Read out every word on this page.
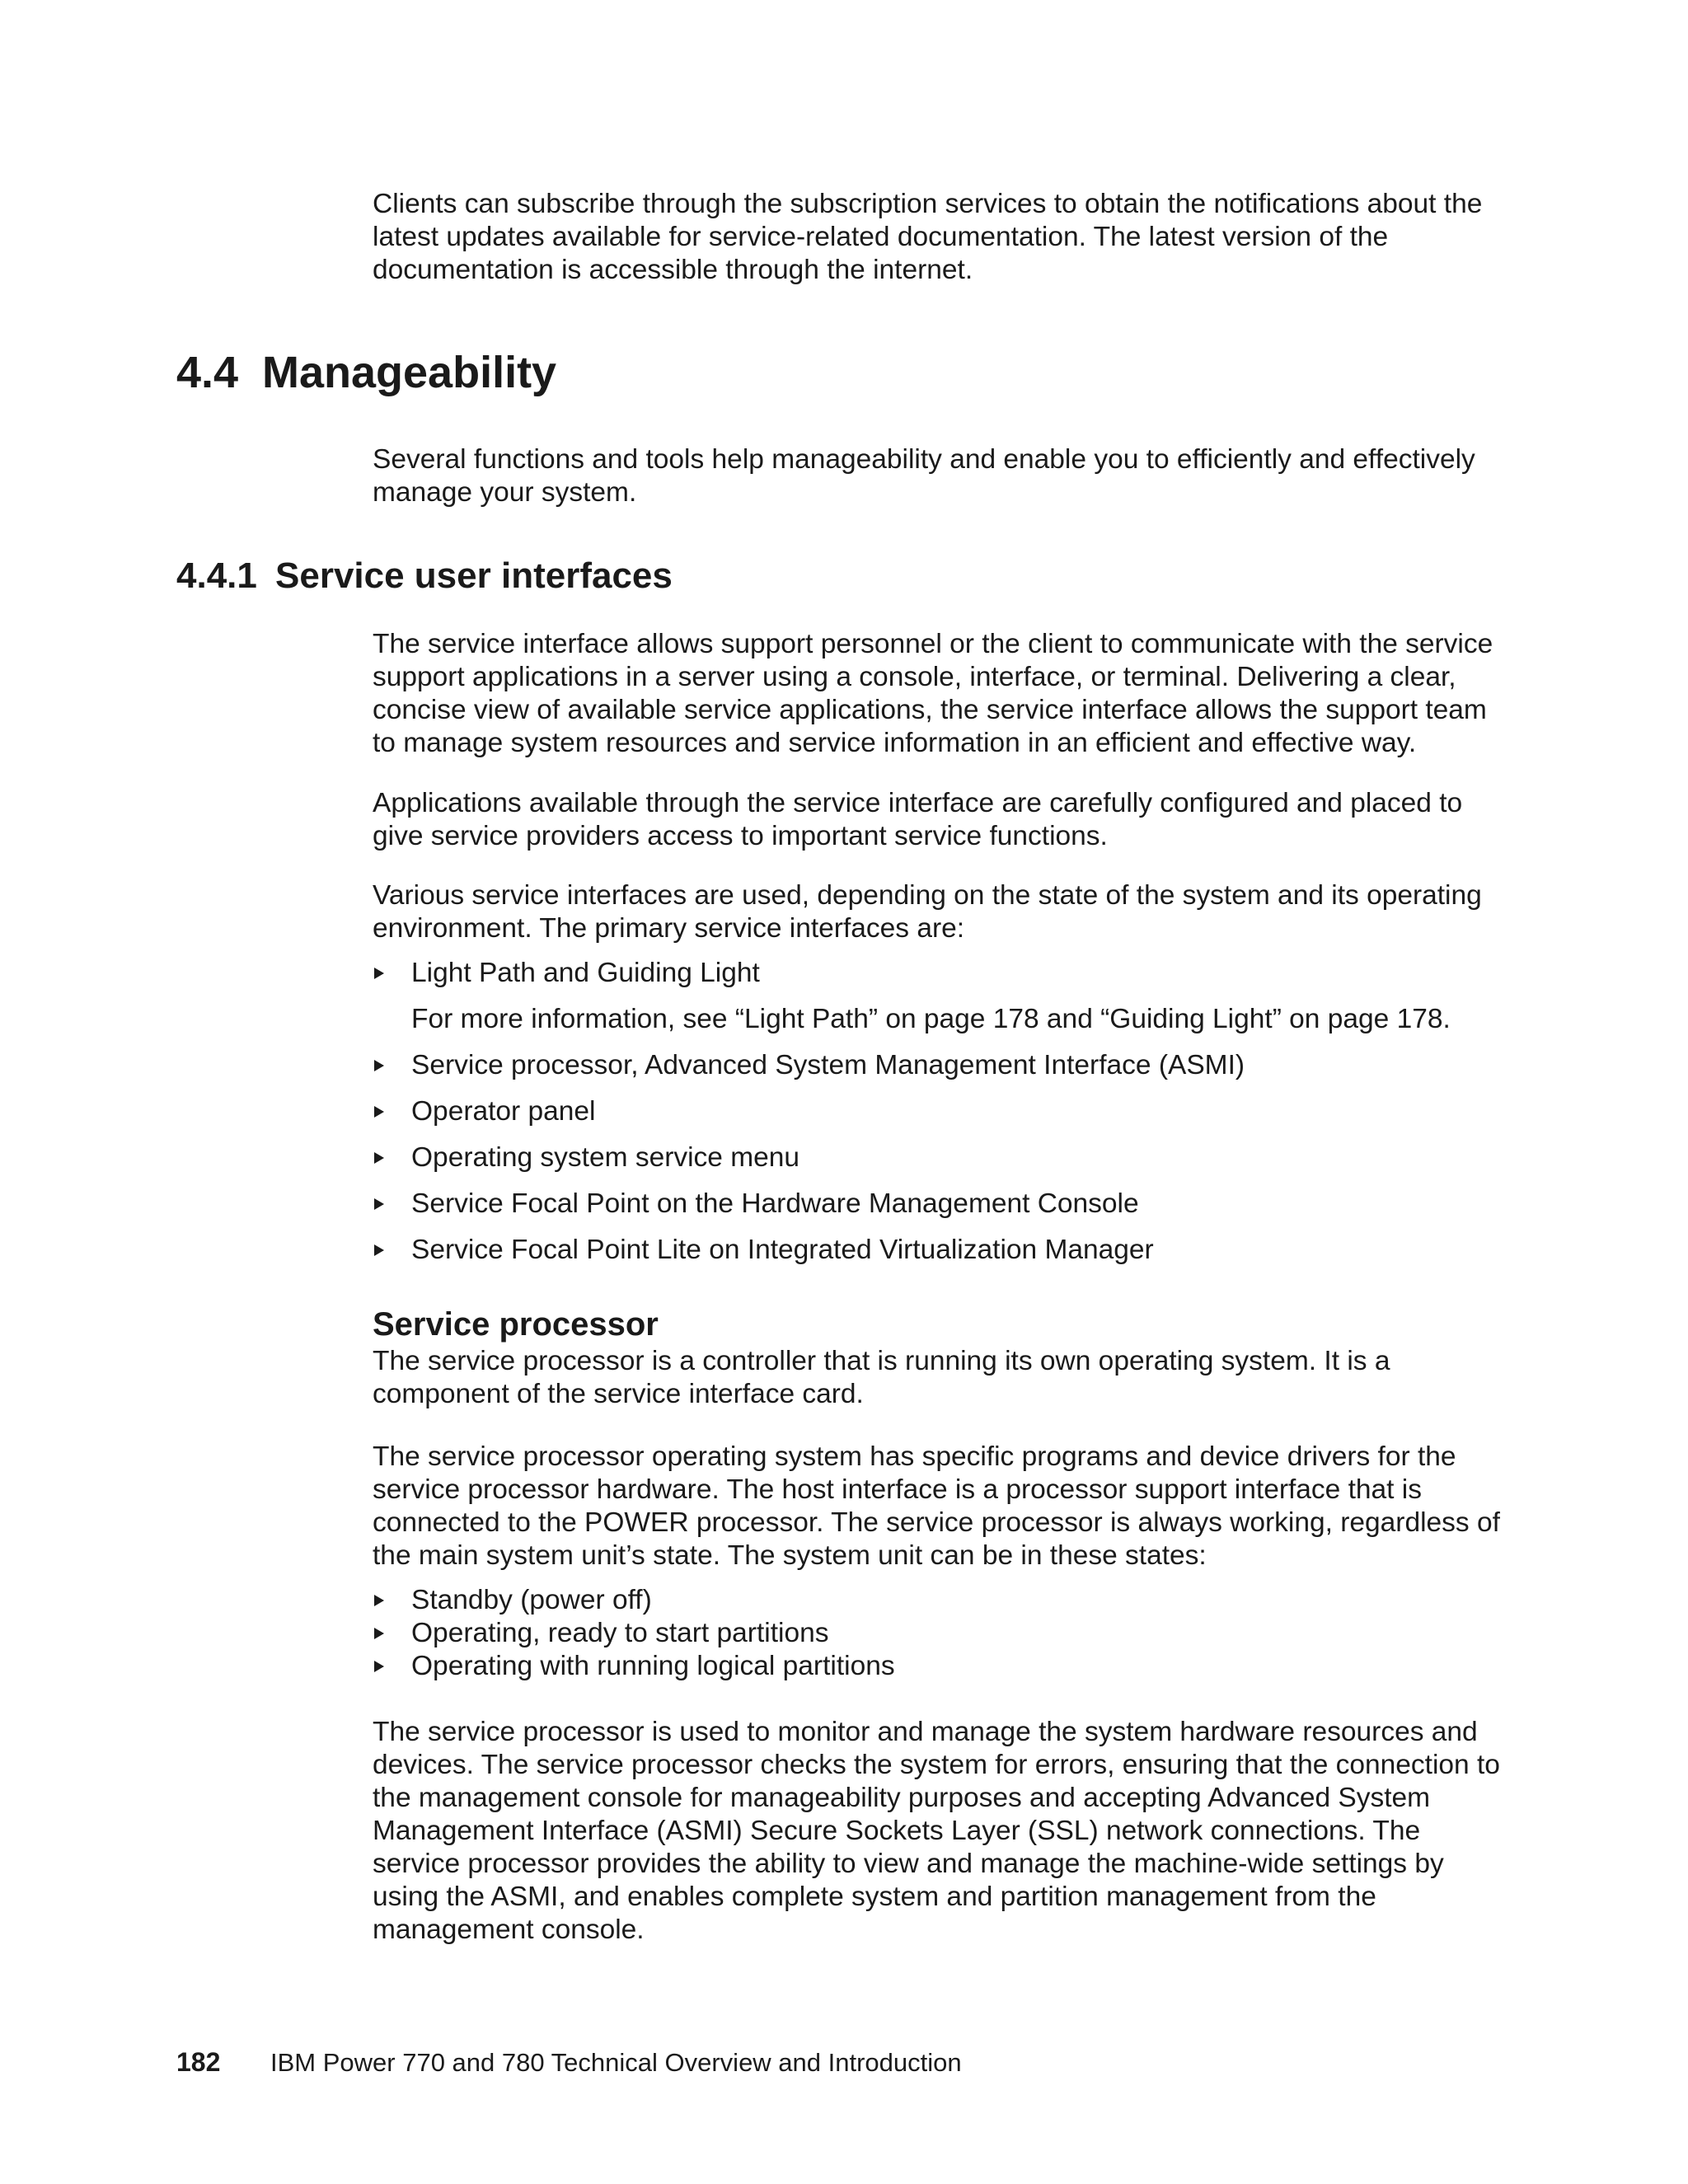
Clients can subscribe through the subscription services to obtain the notifications about the latest updates available for service-related documentation. The latest version of the documentation is accessible through the internet.

4.4 Manageability

Several functions and tools help manageability and enable you to efficiently and effectively manage your system.

4.4.1 Service user interfaces

The service interface allows support personnel or the client to communicate with the service support applications in a server using a console, interface, or terminal. Delivering a clear, concise view of available service applications, the service interface allows the support team to manage system resources and service information in an efficient and effective way.

Applications available through the service interface are carefully configured and placed to give service providers access to important service functions.

Various service interfaces are used, depending on the state of the system and its operating environment. The primary service interfaces are:

Light Path and Guiding Light
For more information, see “Light Path” on page 178 and “Guiding Light” on page 178.
Service processor, Advanced System Management Interface (ASMI)
Operator panel
Operating system service menu
Service Focal Point on the Hardware Management Console
Service Focal Point Lite on Integrated Virtualization Manager
Service processor

The service processor is a controller that is running its own operating system. It is a component of the service interface card.

The service processor operating system has specific programs and device drivers for the service processor hardware. The host interface is a processor support interface that is connected to the POWER processor. The service processor is always working, regardless of the main system unit’s state. The system unit can be in these states:

Standby (power off)
Operating, ready to start partitions
Operating with running logical partitions

The service processor is used to monitor and manage the system hardware resources and devices. The service processor checks the system for errors, ensuring that the connection to the management console for manageability purposes and accepting Advanced System Management Interface (ASMI) Secure Sockets Layer (SSL) network connections. The service processor provides the ability to view and manage the machine-wide settings by using the ASMI, and enables complete system and partition management from the management console.

182 IBM Power 770 and 780 Technical Overview and Introduction
